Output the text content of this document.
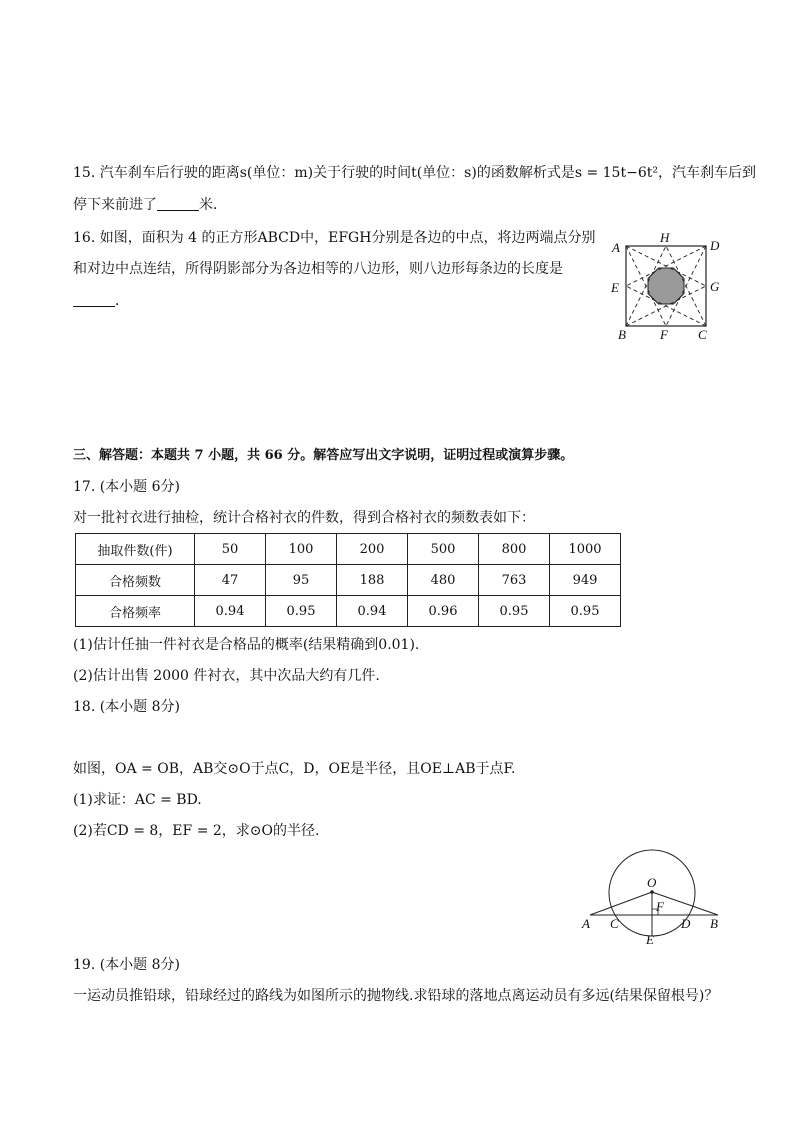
15. 汽车刹车后行驶的距离s(单位：m)关于行驶的时间t(单位：s)的函数解析式是s = 15t−6t²，汽车刹车后到
停下来前进了	米．
16. 如图，面积为 4 的正方形ABCD中，EFGH分别是各边的中点，将边两端点分别
和对边中点连结，所得阴影部分为各边相等的八边形，则八边形每条边的长度是
．
A
H
D
E	G
B	F C
三、解答题：本题共 7 小题，共 66 分。解答应写出文字说明，证明过程或演算步骤。
17. (本小题 6分)
对一批衬衣进行抽检，统计合格衬衣的件数，得到合格衬衣的频数表如下：
抽取件数(件)	50	100	200	500	800	1000
合格频数	47	95	188	480	763	949
合格频率	0.94	0.95	0.94	0.96	0.95	0.95
(1)估计任抽一件衬衣是合格品的概率(结果精确到0.01).
(2)估计出售 2000 件衬衣，其中次品大约有几件.
18. (本小题 8分)
如图，OA = OB，AB交⊙O于点C，D，OE是半径，且OE⊥AB于点F.
(1)求证：AC = BD.
(2)若CD = 8，EF = 2，求⊙O的半径.
O
F
A C
E
D B
19. (本小题 8分)
一运动员推铅球，铅球经过的路线为如图所示的抛物线.求铅球的落地点离运动员有多远(结果保留根号)？
